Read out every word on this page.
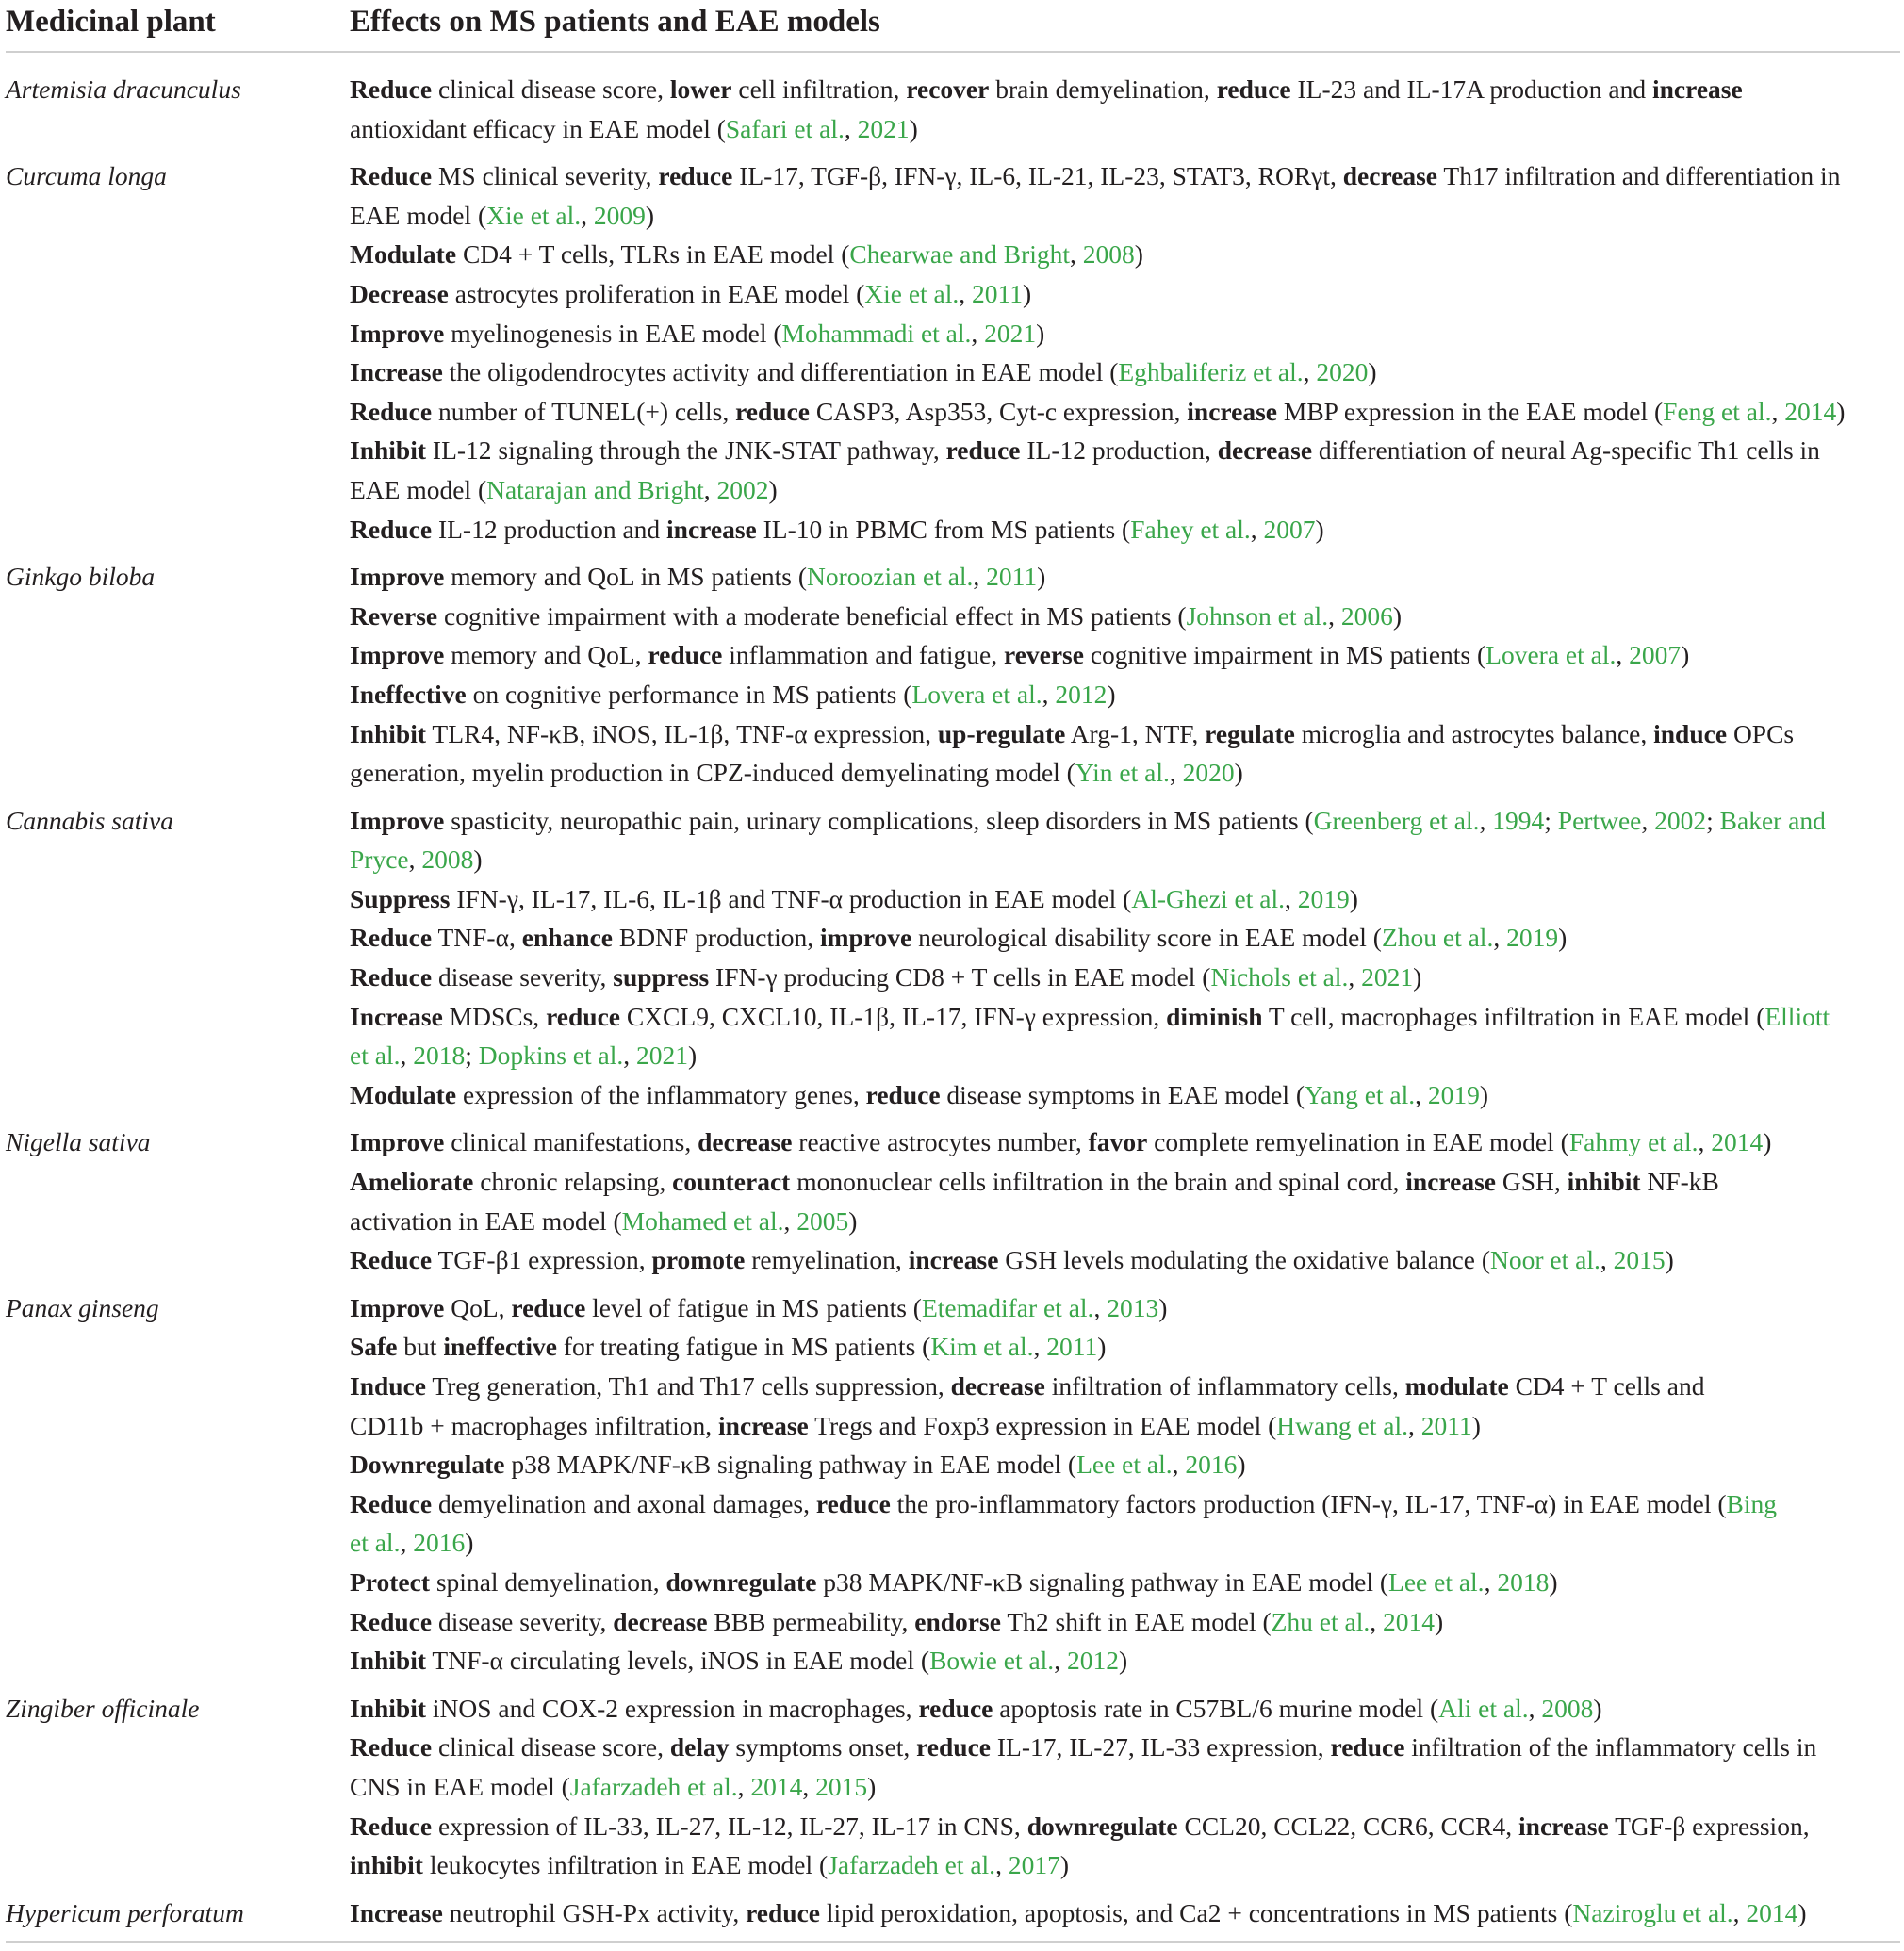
Medicinal plant	Effects on MS patients and EAE models
Artemisia dracunculus	Reduce clinical disease score, lower cell infiltration, recover brain demyelination, reduce IL-23 and IL-17A production and increase
antioxidant efficacy in EAE model (Safari et al., 2021)
Curcuma longa	Reduce MS clinical severity, reduce IL-17, TGF-β, IFN-γ, IL-6, IL-21, IL-23, STAT3, RORγt, decrease Th17 infiltration and differentiation in
EAE model (Xie et al., 2009)
Modulate CD4 + T cells, TLRs in EAE model (Chearwae and Bright, 2008)
Decrease astrocytes proliferation in EAE model (Xie et al., 2011)
Improve myelinogenesis in EAE model (Mohammadi et al., 2021)
Increase the oligodendrocytes activity and differentiation in EAE model (Eghbaliferiz et al., 2020)
Reduce number of TUNEL(+) cells, reduce CASP3, Asp353, Cyt-c expression, increase MBP expression in the EAE model (Feng et al., 2014)
Inhibit IL-12 signaling through the JNK-STAT pathway, reduce IL-12 production, decrease differentiation of neural Ag-specific Th1 cells in
EAE model (Natarajan and Bright, 2002)
Reduce IL-12 production and increase IL-10 in PBMC from MS patients (Fahey et al., 2007)
Ginkgo biloba	Improve memory and QoL in MS patients (Noroozian et al., 2011)
Reverse cognitive impairment with a moderate beneficial effect in MS patients (Johnson et al., 2006)
Improve memory and QoL, reduce inflammation and fatigue, reverse cognitive impairment in MS patients (Lovera et al., 2007)
Ineffective on cognitive performance in MS patients (Lovera et al., 2012)
Inhibit TLR4, NF-κB, iNOS, IL-1β, TNF-α expression, up-regulate Arg-1, NTF, regulate microglia and astrocytes balance, induce OPCs
generation, myelin production in CPZ-induced demyelinating model (Yin et al., 2020)
Cannabis sativa	Improve spasticity, neuropathic pain, urinary complications, sleep disorders in MS patients (Greenberg et al., 1994; Pertwee, 2002; Baker and
Pryce, 2008)
Suppress IFN-γ, IL-17, IL-6, IL-1β and TNF-α production in EAE model (Al-Ghezi et al., 2019)
Reduce TNF-α, enhance BDNF production, improve neurological disability score in EAE model (Zhou et al., 2019)
Reduce disease severity, suppress IFN-γ producing CD8 + T cells in EAE model (Nichols et al., 2021)
Increase MDSCs, reduce CXCL9, CXCL10, IL-1β, IL-17, IFN-γ expression, diminish T cell, macrophages infiltration in EAE model (Elliott
et al., 2018; Dopkins et al., 2021)
Modulate expression of the inflammatory genes, reduce disease symptoms in EAE model (Yang et al., 2019)
Nigella sativa	Improve clinical manifestations, decrease reactive astrocytes number, favor complete remyelination in EAE model (Fahmy et al., 2014)
Ameliorate chronic relapsing, counteract mononuclear cells infiltration in the brain and spinal cord, increase GSH, inhibit NF-kB
activation in EAE model (Mohamed et al., 2005)
Reduce TGF-β1 expression, promote remyelination, increase GSH levels modulating the oxidative balance (Noor et al., 2015)
Panax ginseng	Improve QoL, reduce level of fatigue in MS patients (Etemadifar et al., 2013)
Safe but ineffective for treating fatigue in MS patients (Kim et al., 2011)
Induce Treg generation, Th1 and Th17 cells suppression, decrease infiltration of inflammatory cells, modulate CD4 + T cells and
CD11b + macrophages infiltration, increase Tregs and Foxp3 expression in EAE model (Hwang et al., 2011)
Downregulate p38 MAPK/NF-κB signaling pathway in EAE model (Lee et al., 2016)
Reduce demyelination and axonal damages, reduce the pro-inflammatory factors production (IFN-γ, IL-17, TNF-α) in EAE model (Bing
et al., 2016)
Protect spinal demyelination, downregulate p38 MAPK/NF-κB signaling pathway in EAE model (Lee et al., 2018)
Reduce disease severity, decrease BBB permeability, endorse Th2 shift in EAE model (Zhu et al., 2014)
Inhibit TNF-α circulating levels, iNOS in EAE model (Bowie et al., 2012)
Zingiber officinale	Inhibit iNOS and COX-2 expression in macrophages, reduce apoptosis rate in C57BL/6 murine model (Ali et al., 2008)
Reduce clinical disease score, delay symptoms onset, reduce IL-17, IL-27, IL-33 expression, reduce infiltration of the inflammatory cells in
CNS in EAE model (Jafarzadeh et al., 2014, 2015)
Reduce expression of IL-33, IL-27, IL-12, IL-27, IL-17 in CNS, downregulate CCL20, CCL22, CCR6, CCR4, increase TGF-β expression,
inhibit leukocytes infiltration in EAE model (Jafarzadeh et al., 2017)
Hypericum perforatum	Increase neutrophil GSH-Px activity, reduce lipid peroxidation, apoptosis, and Ca2 + concentrations in MS patients (Naziroglu et al., 2014)
